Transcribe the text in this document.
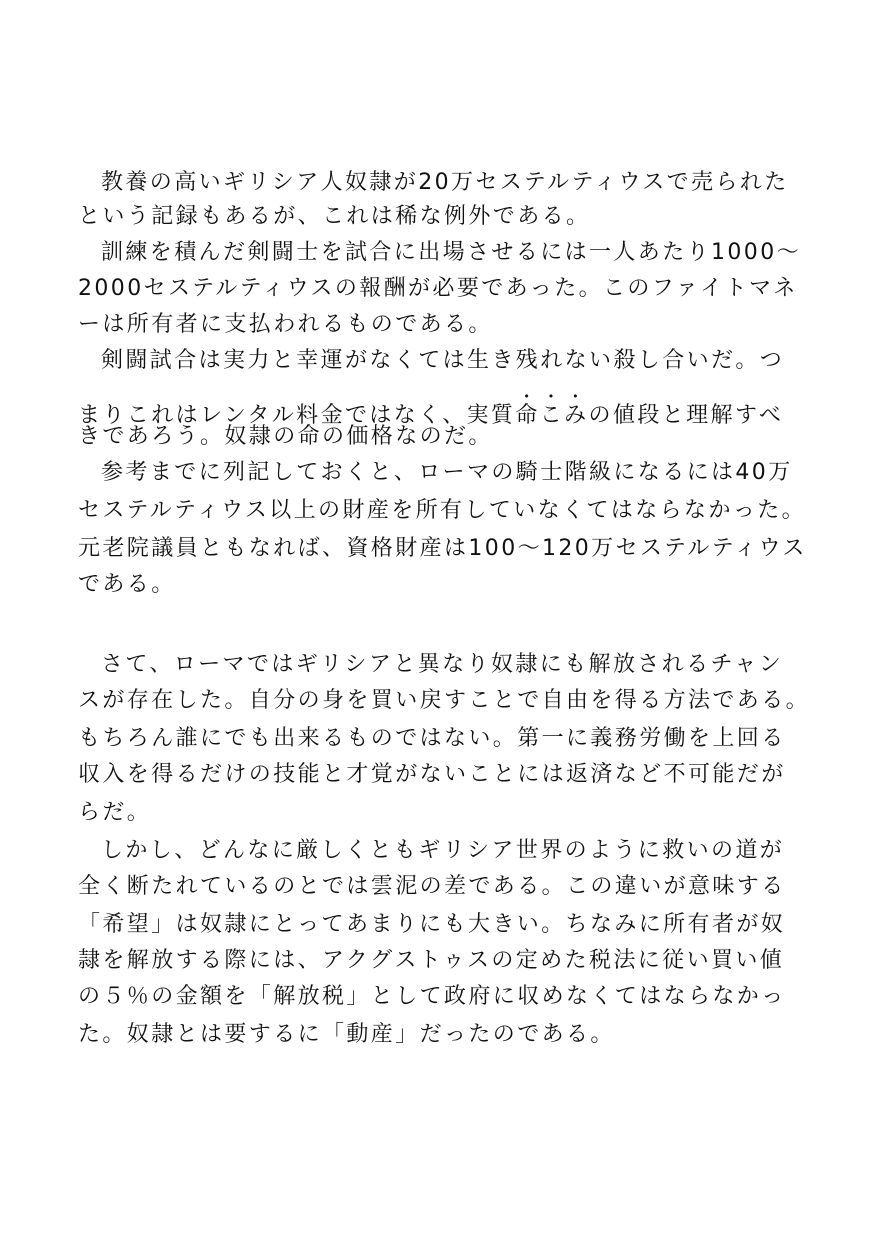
教養の高いギリシア人奴隷が20万セステルティウスで売られた
という記録もあるが、これは稀な例外である。
訓練を積んだ剣闘士を試合に出場させるには一人あたり1000～
2000セステルティウスの報酬が必要であった。このファイトマネ
ーは所有者に支払われるものである。
剣闘試合は実力と幸運がなくては生き残れない殺し合いだ。つ
まりこれはレンタル料金ではなく、実質命こみの値段と理解すべ
きであろう。奴隷の命の価格なのだ。
参考までに列記しておくと、ローマの騎士階級になるには40万
セステルティウス以上の財産を所有していなくてはならなかった。
元老院議員ともなれば、資格財産は100～120万セステルティウス
である。
さて、ローマではギリシアと異なり奴隷にも解放されるチャン
スが存在した。自分の身を買い戻すことで自由を得る方法である。
もちろん誰にでも出来るものではない。第一に義務労働を上回る
収入を得るだけの技能と才覚がないことには返済など不可能だが
らだ。
しかし、どんなに厳しくともギリシア世界のように救いの道が
全く断たれているのとでは雲泥の差である。この違いが意味する
「希望」は奴隷にとってあまりにも大きい。ちなみに所有者が奴
隷を解放する際には、アクグストゥスの定めた税法に従い買い値
の５％の金額を「解放税」として政府に収めなくてはならなかっ
た。奴隷とは要するに「動産」だったのである。
